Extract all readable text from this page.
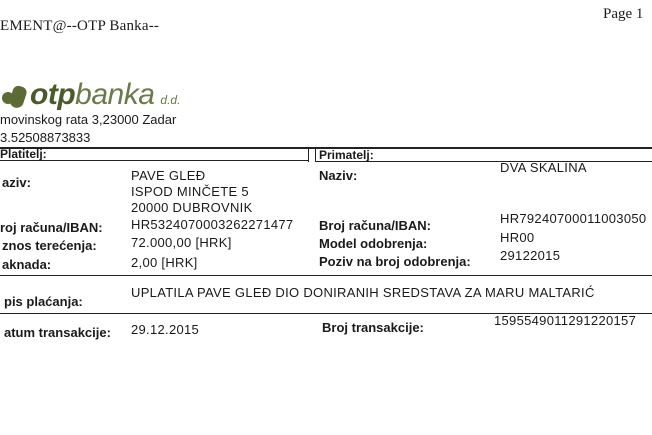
EMENT@--OTP Banka--
Page 1
otp banka d.d.
movinskog rata 3,23000 Zadar
3.52508873833
Platitelj:	Primatelj:
aziv:	PAVE GLEĐ
ISPOD MINČETE 5
20000 DUBROVNIK
roj računa/IBAN: HR5324070003262271477
znos terećenja:	72.000,00 [HRK]
aknada:	2,00 [HRK]
Naziv:
DVA SKALINA
Broj računa/IBAN:	HR79240700011003050
Model odobrenja:	HR00
Poziv na broj odobrenja: 29122015
pis plaćanja:
UPLATILA PAVE GLEĐ DIO DONIRANIH SREDSTAVA ZA MARU MALTARIĆ
atum transakcije: 29.12.2015	Broj transakcije:	1595549011291220157
